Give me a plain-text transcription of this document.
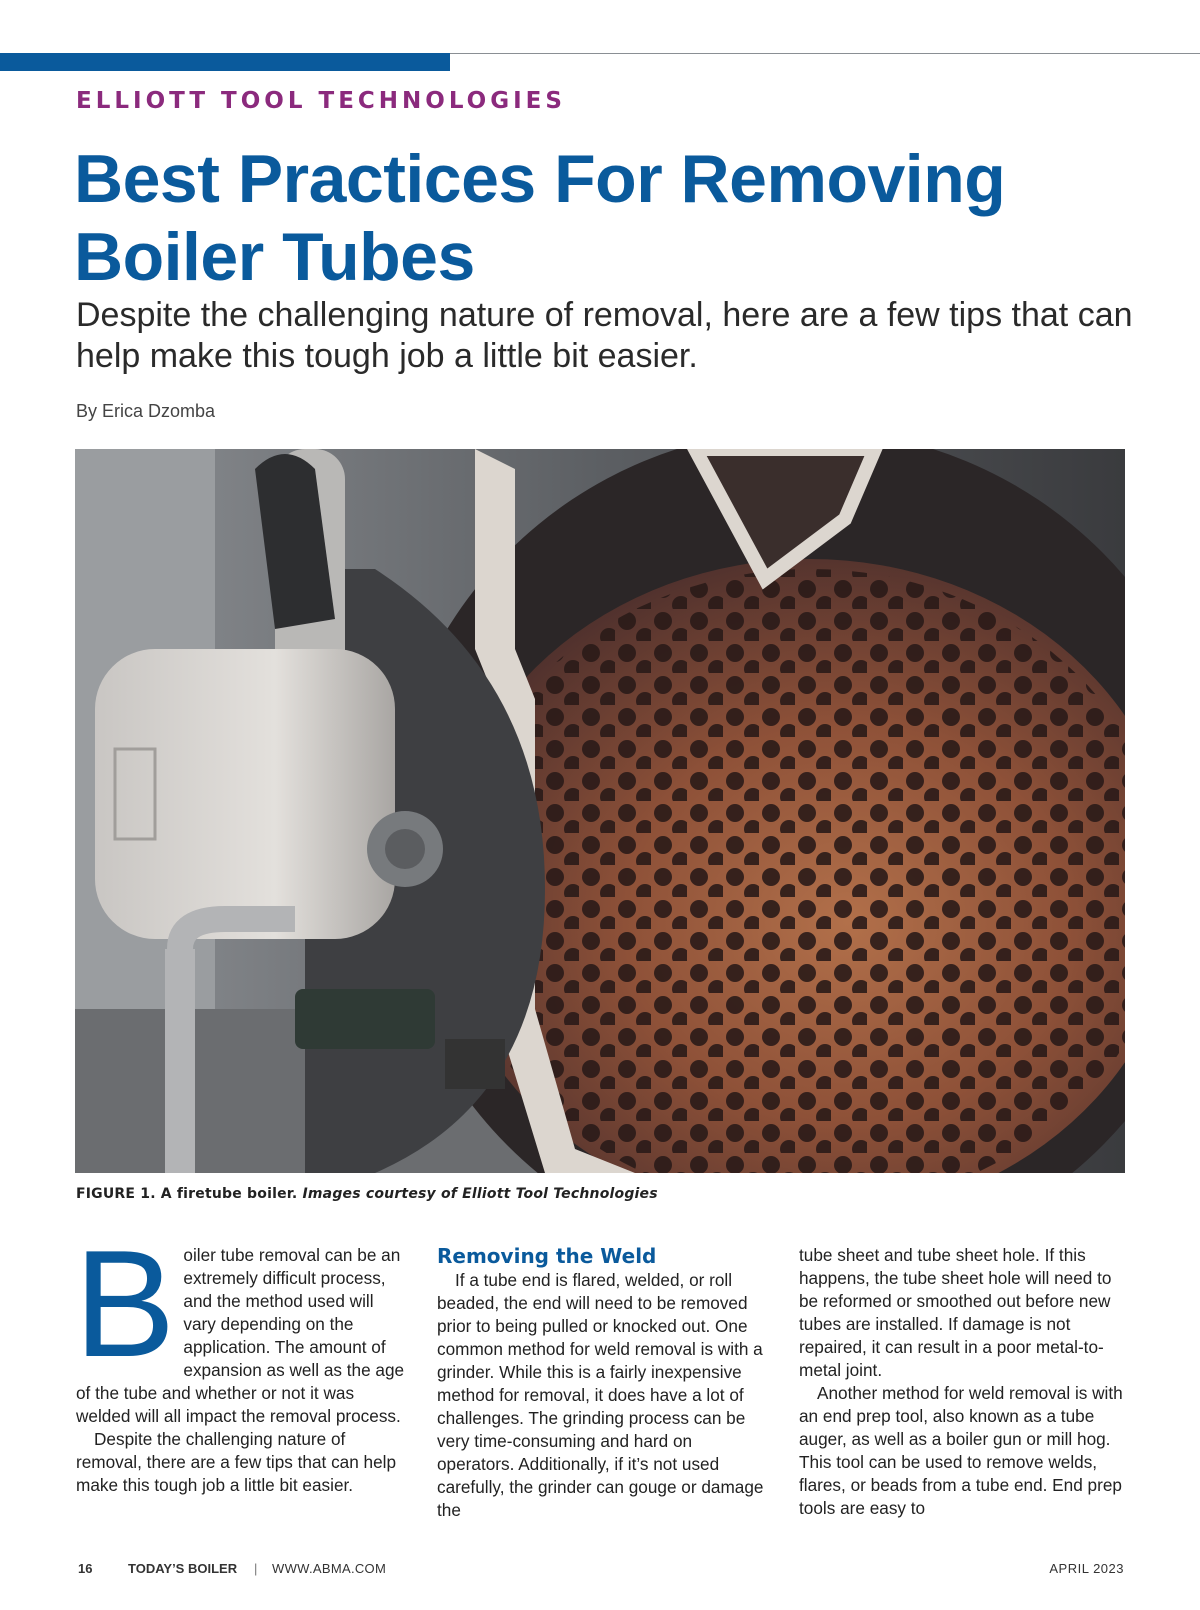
ELLIOTT TOOL TECHNOLOGIES
Best Practices For Removing Boiler Tubes

Despite the challenging nature of removal, here are a few tips that can help make this tough job a little bit easier.

By Erica Dzomba

FIGURE 1. A firetube boiler. Images courtesy of Elliott Tool Technologies

B oiler tube removal can be an extremely difficult process, and the method used will vary depending on the application. The amount of expansion as well as the age of the tube and whether or not it was welded will all impact the removal process.

Despite the challenging nature of removal, there are a few tips that can help make this tough job a little bit easier.

Removing the Weld

If a tube end is flared, welded, or roll beaded, the end will need to be removed prior to being pulled or knocked out. One common method for weld removal is with a grinder. While this is a fairly inexpensive method for removal, it does have a lot of challenges. The grinding process can be very time-consuming and hard on operators. Additionally, if it’s not used carefully, the grinder can gouge or damage the

tube sheet and tube sheet hole. If this happens, the tube sheet hole will need to be reformed or smoothed out before new tubes are installed. If damage is not repaired, it can result in a poor metal-to-metal joint.

Another method for weld removal is with an end prep tool, also known as a tube auger, as well as a boiler gun or mill hog. This tool can be used to remove welds, flares, or beads from a tube end. End prep tools are easy to

16	TODAY’S BOILER | WWW.ABMA.COM	APRIL 2023
